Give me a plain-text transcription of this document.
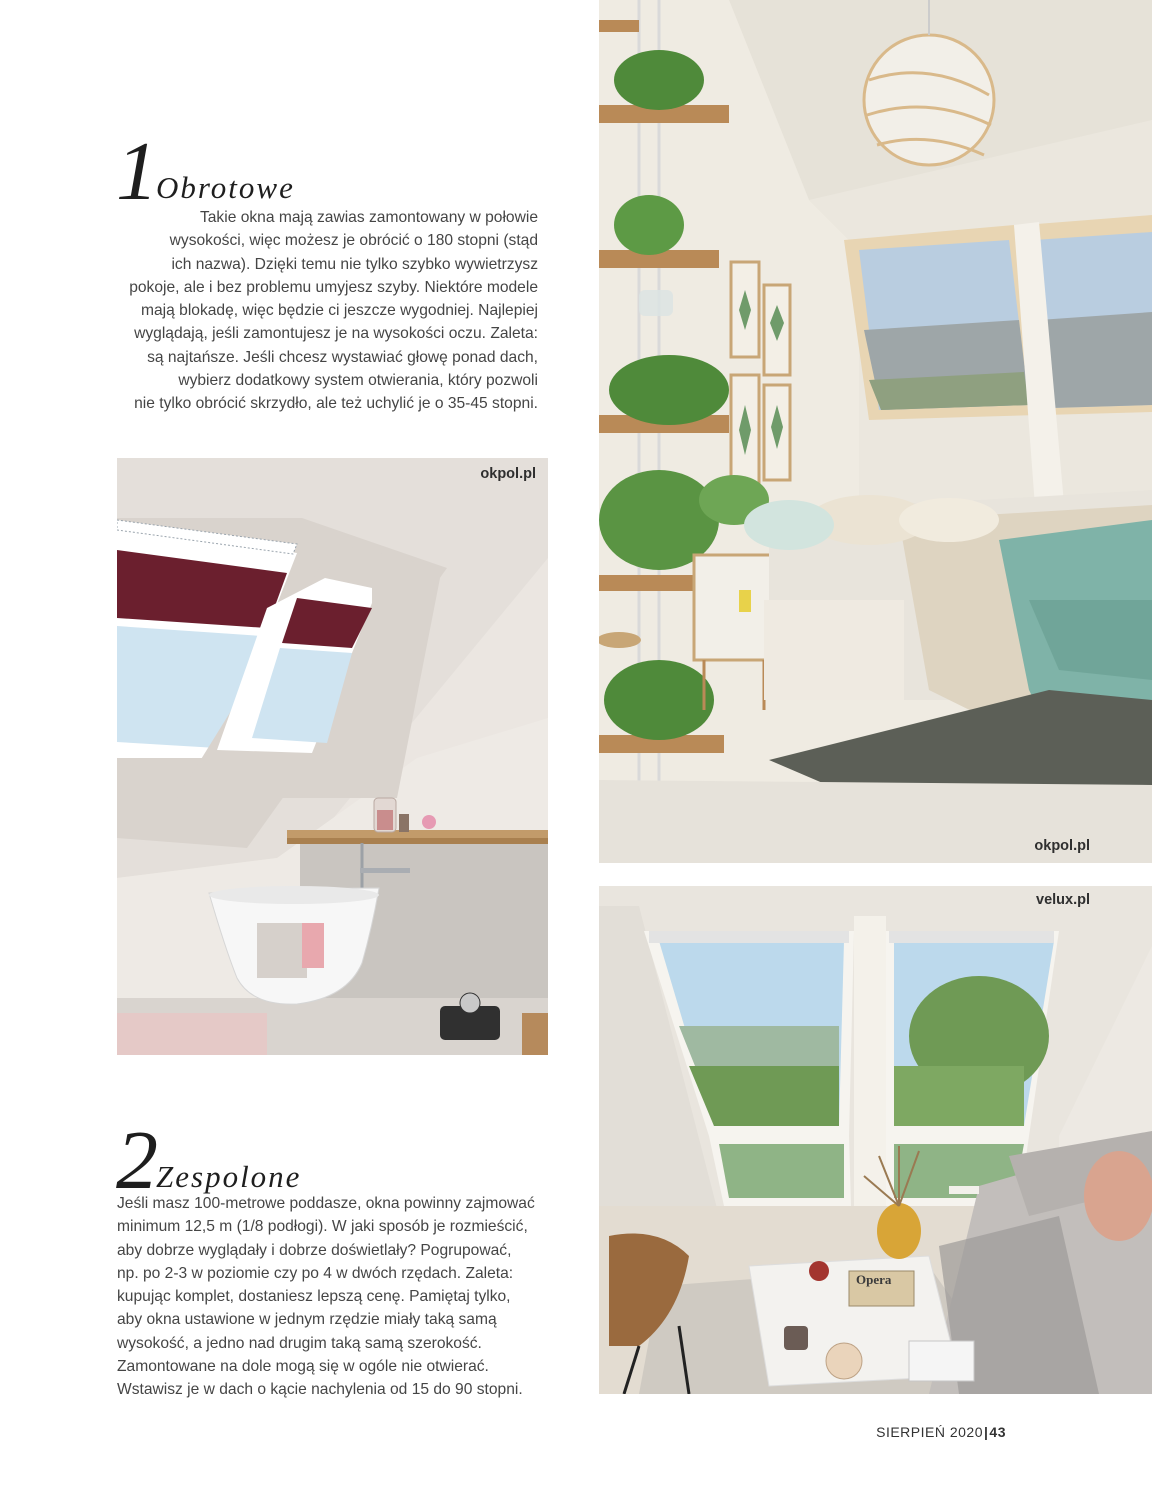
1 Obrotowe
Takie okna mają zawias zamontowany w połowie
wysokości, więc możesz je obrócić o 180 stopni (stąd
ich nazwa). Dzięki temu nie tylko szybko wywietrzysz
pokoje, ale i bez problemu umyjesz szyby. Niektóre modele
mają blokadę, więc będzie ci jeszcze wygodniej. Najlepiej
wyglądają, jeśli zamontujesz je na wysokości oczu. Zaleta:
są najtańsze. Jeśli chcesz wystawiać głowę ponad dach,
wybierz dodatkowy system otwierania, który pozwoli
nie tylko obrócić skrzydło, ale też uchylić je o 35-45 stopni.
okpol.pl
okpol.pl
Opera
velux.pl
2 Zespolone
Jeśli masz 100-metrowe poddasze, okna powinny zajmować
minimum 12,5 m (1/8 podłogi). W jaki sposób je rozmieścić,
aby dobrze wyglądały i dobrze doświetlały? Pogrupować,
np. po 2-3 w poziomie czy po 4 w dwóch rzędach. Zaleta:
kupując komplet, dostaniesz lepszą cenę. Pamiętaj tylko,
aby okna ustawione w jednym rzędzie miały taką samą
wysokość, a jedno nad drugim taką samą szerokość.
Zamontowane na dole mogą się w ogóle nie otwierać.
Wstawisz je w dach o kącie nachylenia od 15 do 90 stopni.
SIERPIEŃ 2020|43
